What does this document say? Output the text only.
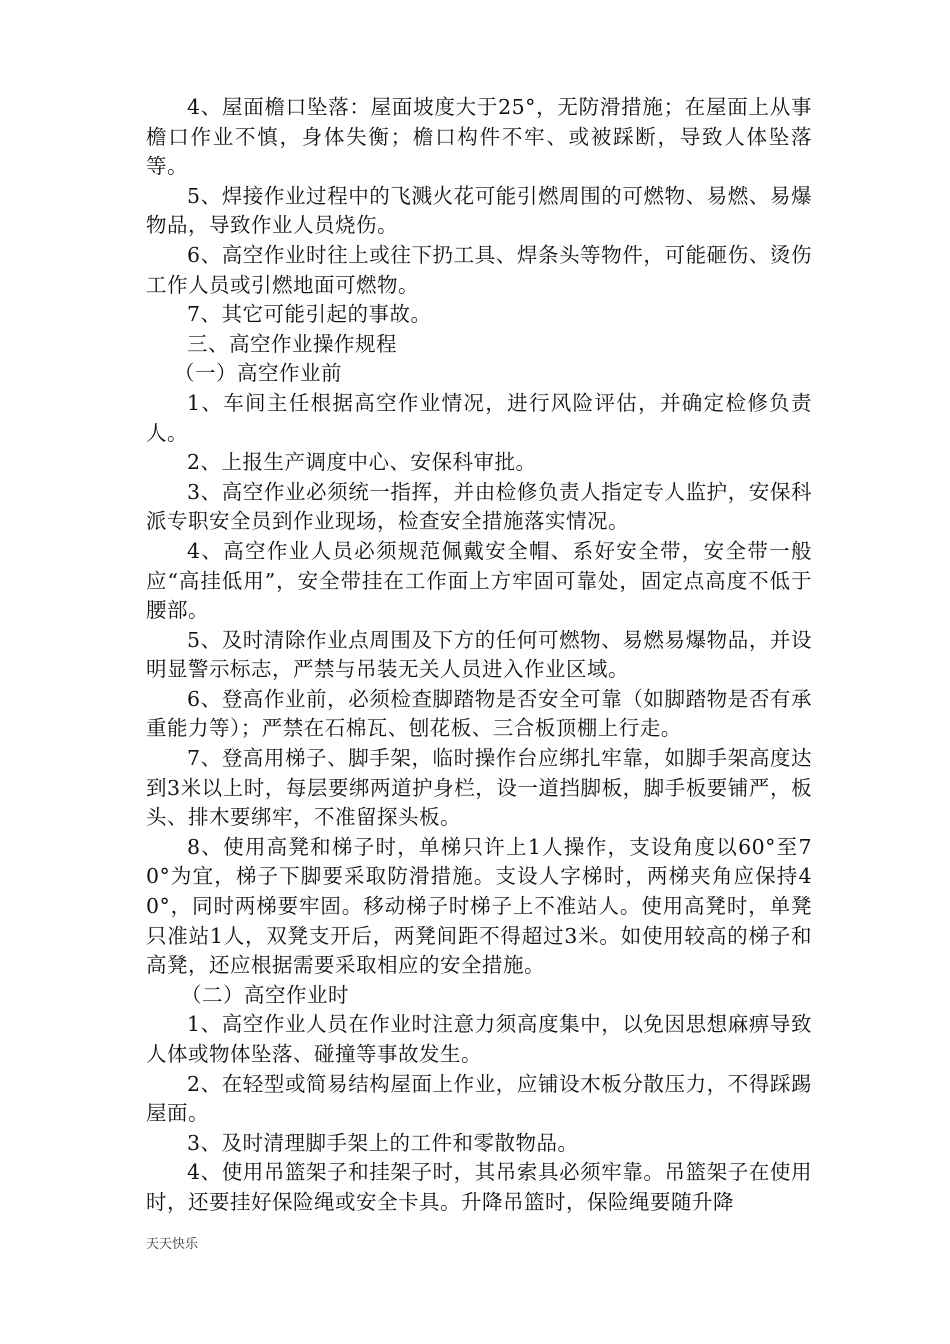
4、屋面檐口坠落：屋面坡度大于25°，无防滑措施；在屋面上从事檐口作业不慎，身体失衡；檐口构件不牢、或被踩断，导致人体坠落等。

5、焊接作业过程中的飞溅火花可能引燃周围的可燃物、易燃、易爆物品，导致作业人员烧伤。

6、高空作业时往上或往下扔工具、焊条头等物件，可能砸伤、烫伤工作人员或引燃地面可燃物。

7、其它可能引起的事故。

三、高空作业操作规程

（一）高空作业前

1、车间主任根据高空作业情况，进行风险评估，并确定检修负责人。

2、上报生产调度中心、安保科审批。

3、高空作业必须统一指挥，并由检修负责人指定专人监护，安保科派专职安全员到作业现场，检查安全措施落实情况。

4、高空作业人员必须规范佩戴安全帽、系好安全带，安全带一般应“高挂低用”，安全带挂在工作面上方牢固可靠处，固定点高度不低于腰部。

5、及时清除作业点周围及下方的任何可燃物、易燃易爆物品，并设明显警示标志，严禁与吊装无关人员进入作业区域。

6、登高作业前，必须检查脚踏物是否安全可靠（如脚踏物是否有承重能力等）；严禁在石棉瓦、刨花板、三合板顶棚上行走。

7、登高用梯子、脚手架，临时操作台应绑扎牢靠，如脚手架高度达到3米以上时，每层要绑两道护身栏，设一道挡脚板，脚手板要铺严，板头、排木要绑牢，不准留探头板。

8、使用高凳和梯子时，单梯只许上1人操作，支设角度以60°至70°为宜，梯子下脚要采取防滑措施。支设人字梯时，两梯夹角应保持40°，同时两梯要牢固。移动梯子时梯子上不准站人。使用高凳时，单凳只准站1人，双凳支开后，两凳间距不得超过3米。如使用较高的梯子和高凳，还应根据需要采取相应的安全措施。

（二）高空作业时

1、高空作业人员在作业时注意力须高度集中，以免因思想麻痹导致人体或物体坠落、碰撞等事故发生。

2、在轻型或简易结构屋面上作业，应铺设木板分散压力，不得踩踢屋面。

3、及时清理脚手架上的工件和零散物品。

4、使用吊篮架子和挂架子时，其吊索具必须牢靠。吊篮架子在使用时，还要挂好保险绳或安全卡具。升降吊篮时，保险绳要随升降

天天快乐
